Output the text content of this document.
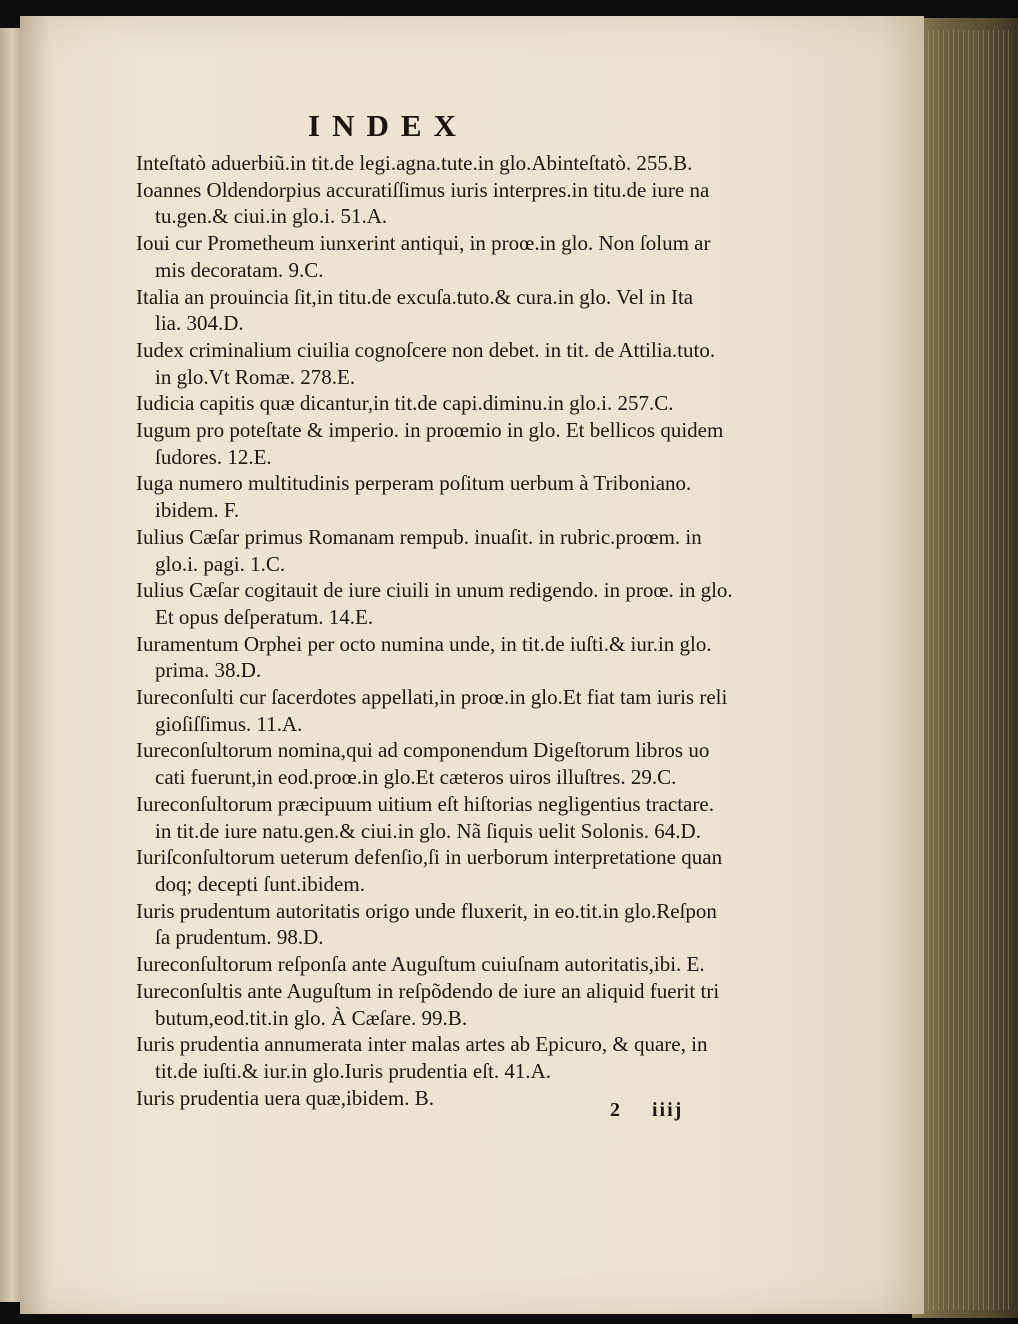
INDEX
Inteſtatò aduerbiũ.in tit.de legi.agna.tute.in glo.Abinteſtatò. 255.B.
Ioannes Oldendorpius accuratiſſimus iuris interpres.in titu.de iure na
tu.gen.& ciui.in glo.i. 51.A.
Ioui cur Prometheum iunxerint antiqui, in proœ.in glo. Non ſolum ar
mis decoratam. 9.C.
Italia an prouincia ſit,in titu.de excuſa.tuto.& cura.in glo. Vel in Ita
lia. 304.D.
Iudex criminalium ciuilia cognoſcere non debet. in tit. de Attilia.tuto.
in glo.Vt Romæ. 278.E.
Iudicia capitis quæ dicantur,in tit.de capi.diminu.in glo.i. 257.C.
Iugum pro poteſtate & imperio. in proœmio in glo. Et bellicos quidem
ſudores. 12.E.
Iuga numero multitudinis perperam poſitum uerbum à Triboniano.
ibidem. F.
Iulius Cæſar primus Romanam rempub. inuaſit. in rubric.proœm. in
glo.i. pagi. 1.C.
Iulius Cæſar cogitauit de iure ciuili in unum redigendo. in proœ. in glo.
Et opus deſperatum. 14.E.
Iuramentum Orphei per octo numina unde, in tit.de iuſti.& iur.in glo.
prima. 38.D.
Iureconſulti cur ſacerdotes appellati,in proœ.in glo.Et fiat tam iuris reli
gioſiſſimus. 11.A.
Iureconſultorum nomina,qui ad componendum Digeſtorum libros uo
cati fuerunt,in eod.proœ.in glo.Et cæteros uiros illuſtres. 29.C.
Iureconſultorum præcipuum uitium eſt hiſtorias negligentius tractare.
in tit.de iure natu.gen.& ciui.in glo. Nã ſiquis uelit Solonis. 64.D.
Iuriſconſultorum ueterum defenſio,ſi in uerborum interpretatione quan
doq; decepti ſunt.ibidem.
Iuris prudentum autoritatis origo unde fluxerit, in eo.tit.in glo.Reſpon
ſa prudentum. 98.D.
Iureconſultorum reſponſa ante Auguſtum cuiuſnam autoritatis,ibi. E.
Iureconſultis ante Auguſtum in reſpõdendo de iure an aliquid fuerit tri
butum,eod.tit.in glo. À Cæſare. 99.B.
Iuris prudentia annumerata inter malas artes ab Epicuro, & quare, in
tit.de iuſti.& iur.in glo.Iuris prudentia eſt. 41.A.
Iuris prudentia uera quæ,ibidem. B.
2 iiij
